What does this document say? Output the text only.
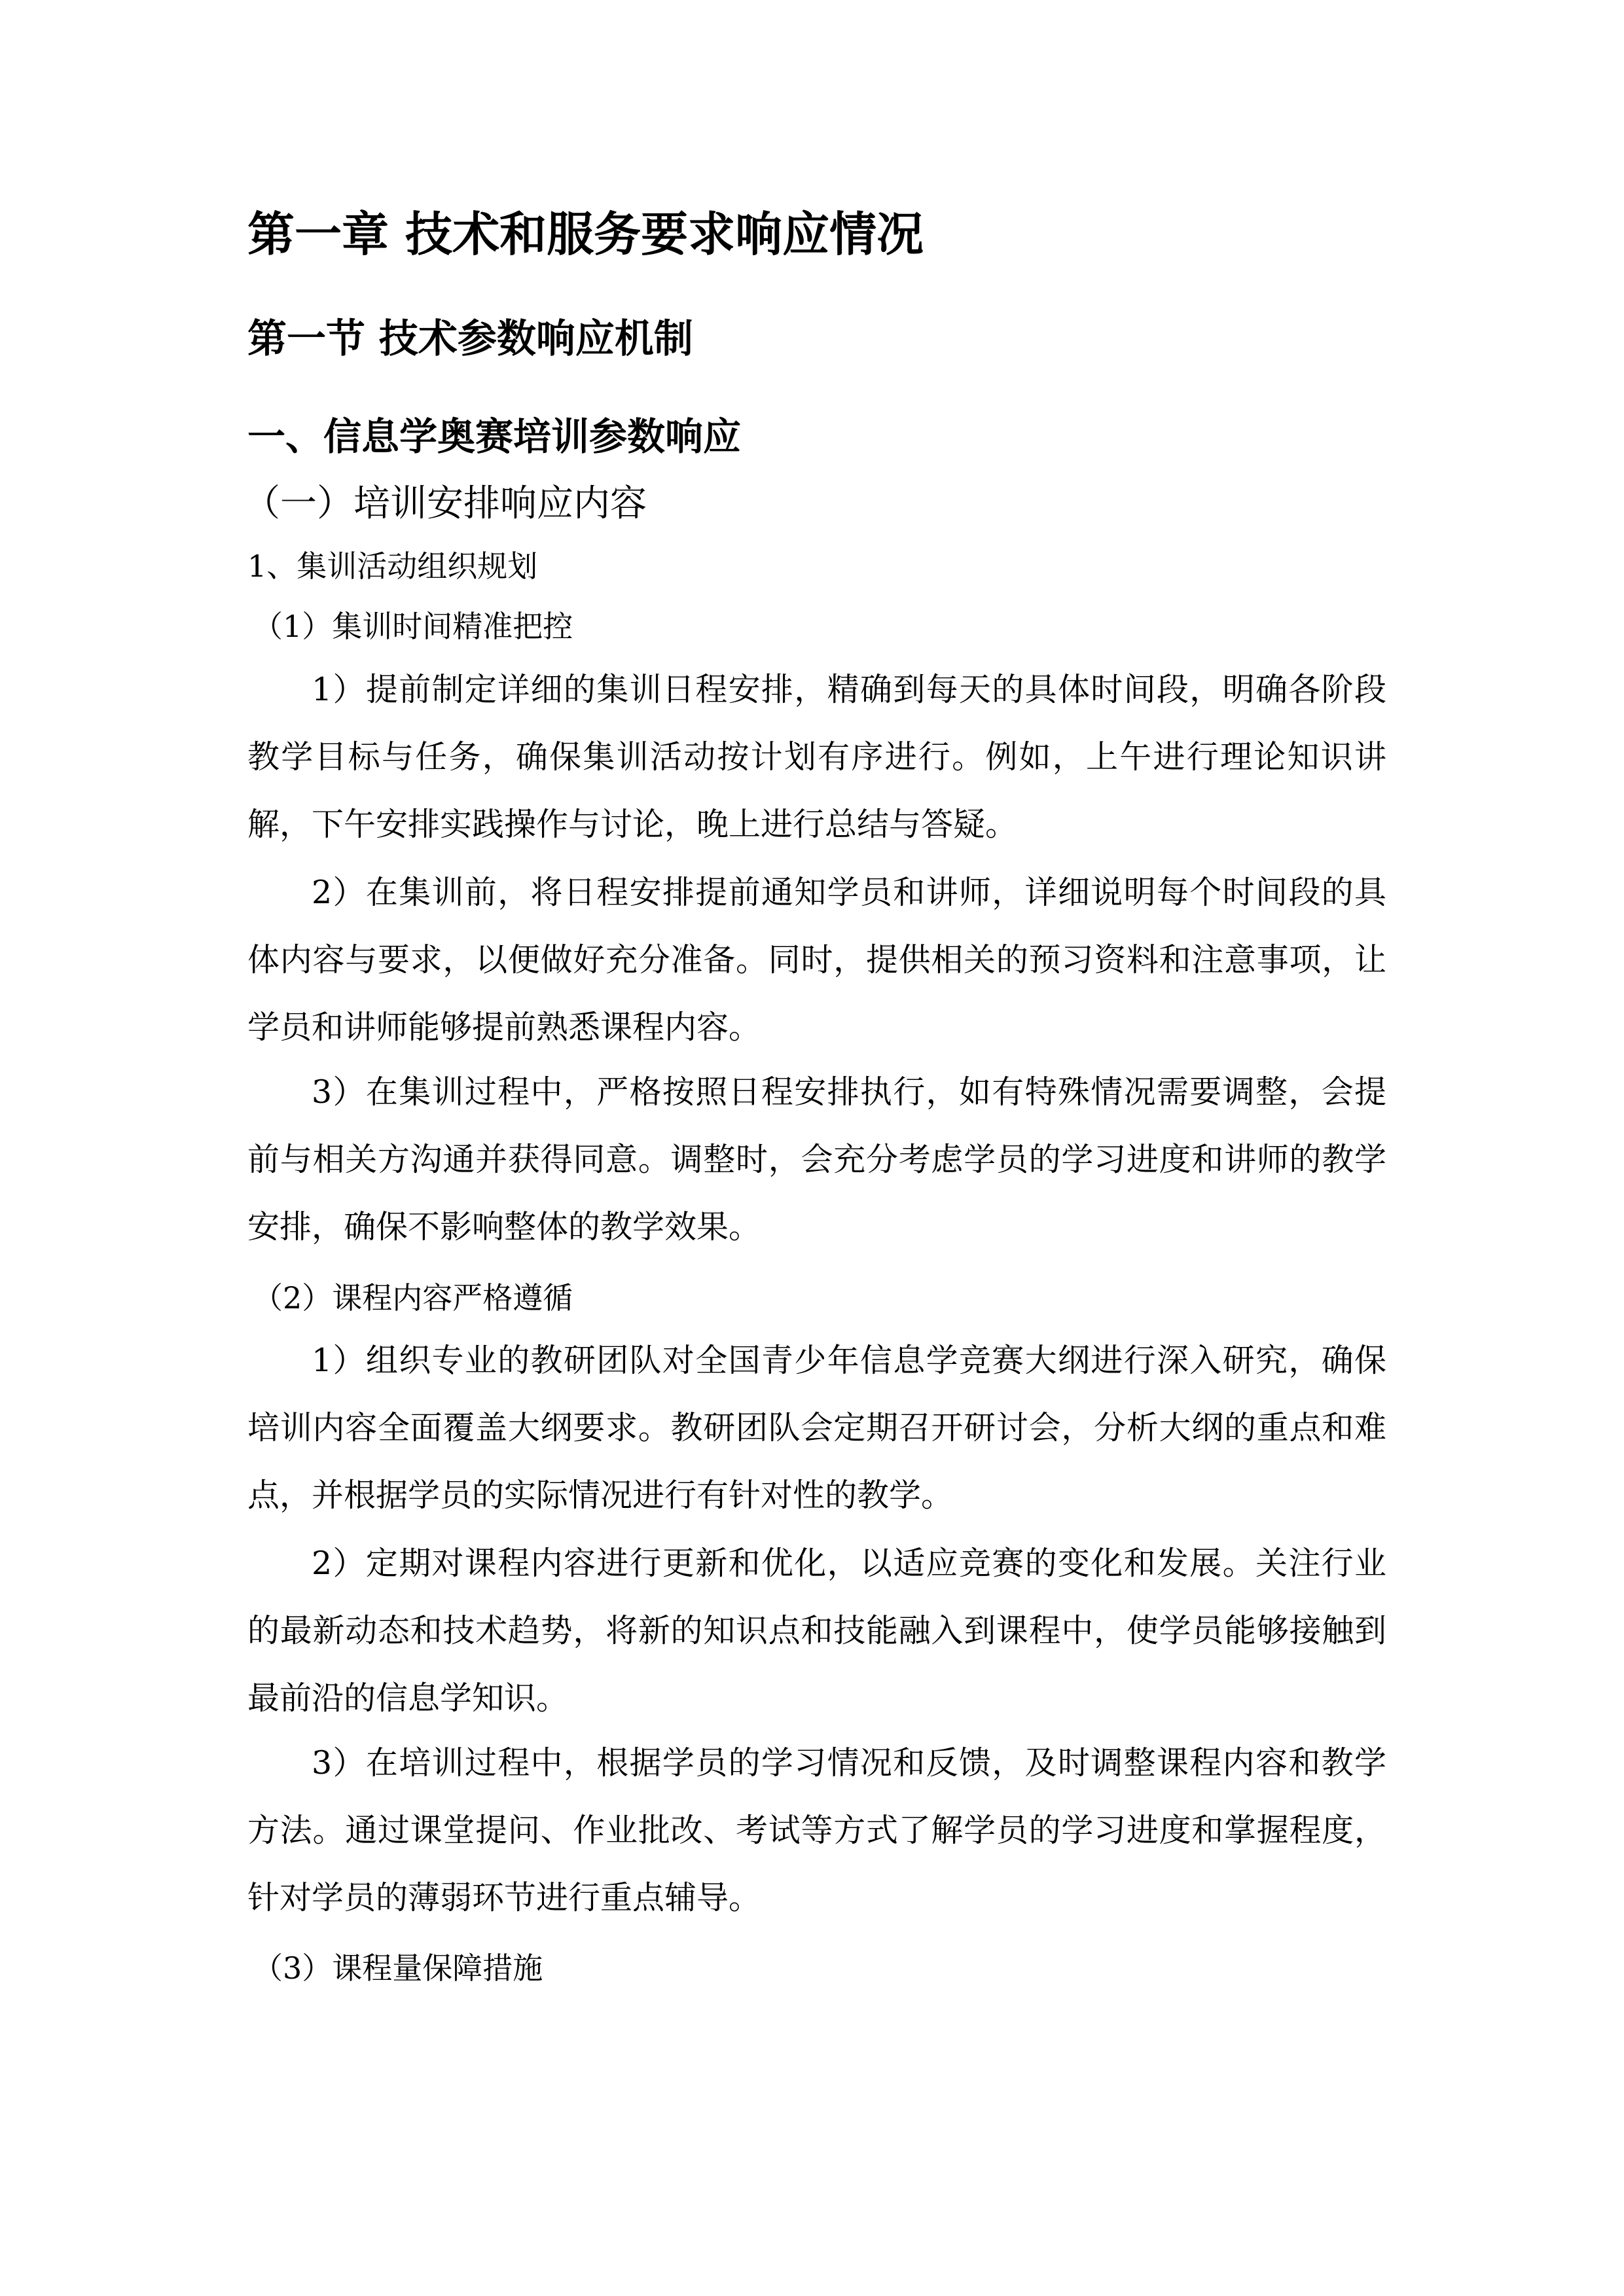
第一章 技术和服务要求响应情况
第一节 技术参数响应机制
一、信息学奥赛培训参数响应
（一）培训安排响应内容
1、集训活动组织规划
（1）集训时间精准把控

1）提前制定详细的集训日程安排，精确到每天的具体时间段，明确各阶段教学目标与任务，确保集训活动按计划有序进行。例如，上午进行理论知识讲解，下午安排实践操作与讨论，晚上进行总结与答疑。

2）在集训前，将日程安排提前通知学员和讲师，详细说明每个时间段的具体内容与要求，以便做好充分准备。同时，提供相关的预习资料和注意事项，让学员和讲师能够提前熟悉课程内容。

3）在集训过程中，严格按照日程安排执行，如有特殊情况需要调整，会提前与相关方沟通并获得同意。调整时，会充分考虑学员的学习进度和讲师的教学安排，确保不影响整体的教学效果。

（2）课程内容严格遵循

1）组织专业的教研团队对全国青少年信息学竞赛大纲进行深入研究，确保培训内容全面覆盖大纲要求。教研团队会定期召开研讨会，分析大纲的重点和难点，并根据学员的实际情况进行有针对性的教学。

2）定期对课程内容进行更新和优化，以适应竞赛的变化和发展。关注行业的最新动态和技术趋势，将新的知识点和技能融入到课程中，使学员能够接触到最前沿的信息学知识。

3）在培训过程中，根据学员的学习情况和反馈，及时调整课程内容和教学方法。通过课堂提问、作业批改、考试等方式了解学员的学习进度和掌握程度，针对学员的薄弱环节进行重点辅导。

（3）课程量保障措施
